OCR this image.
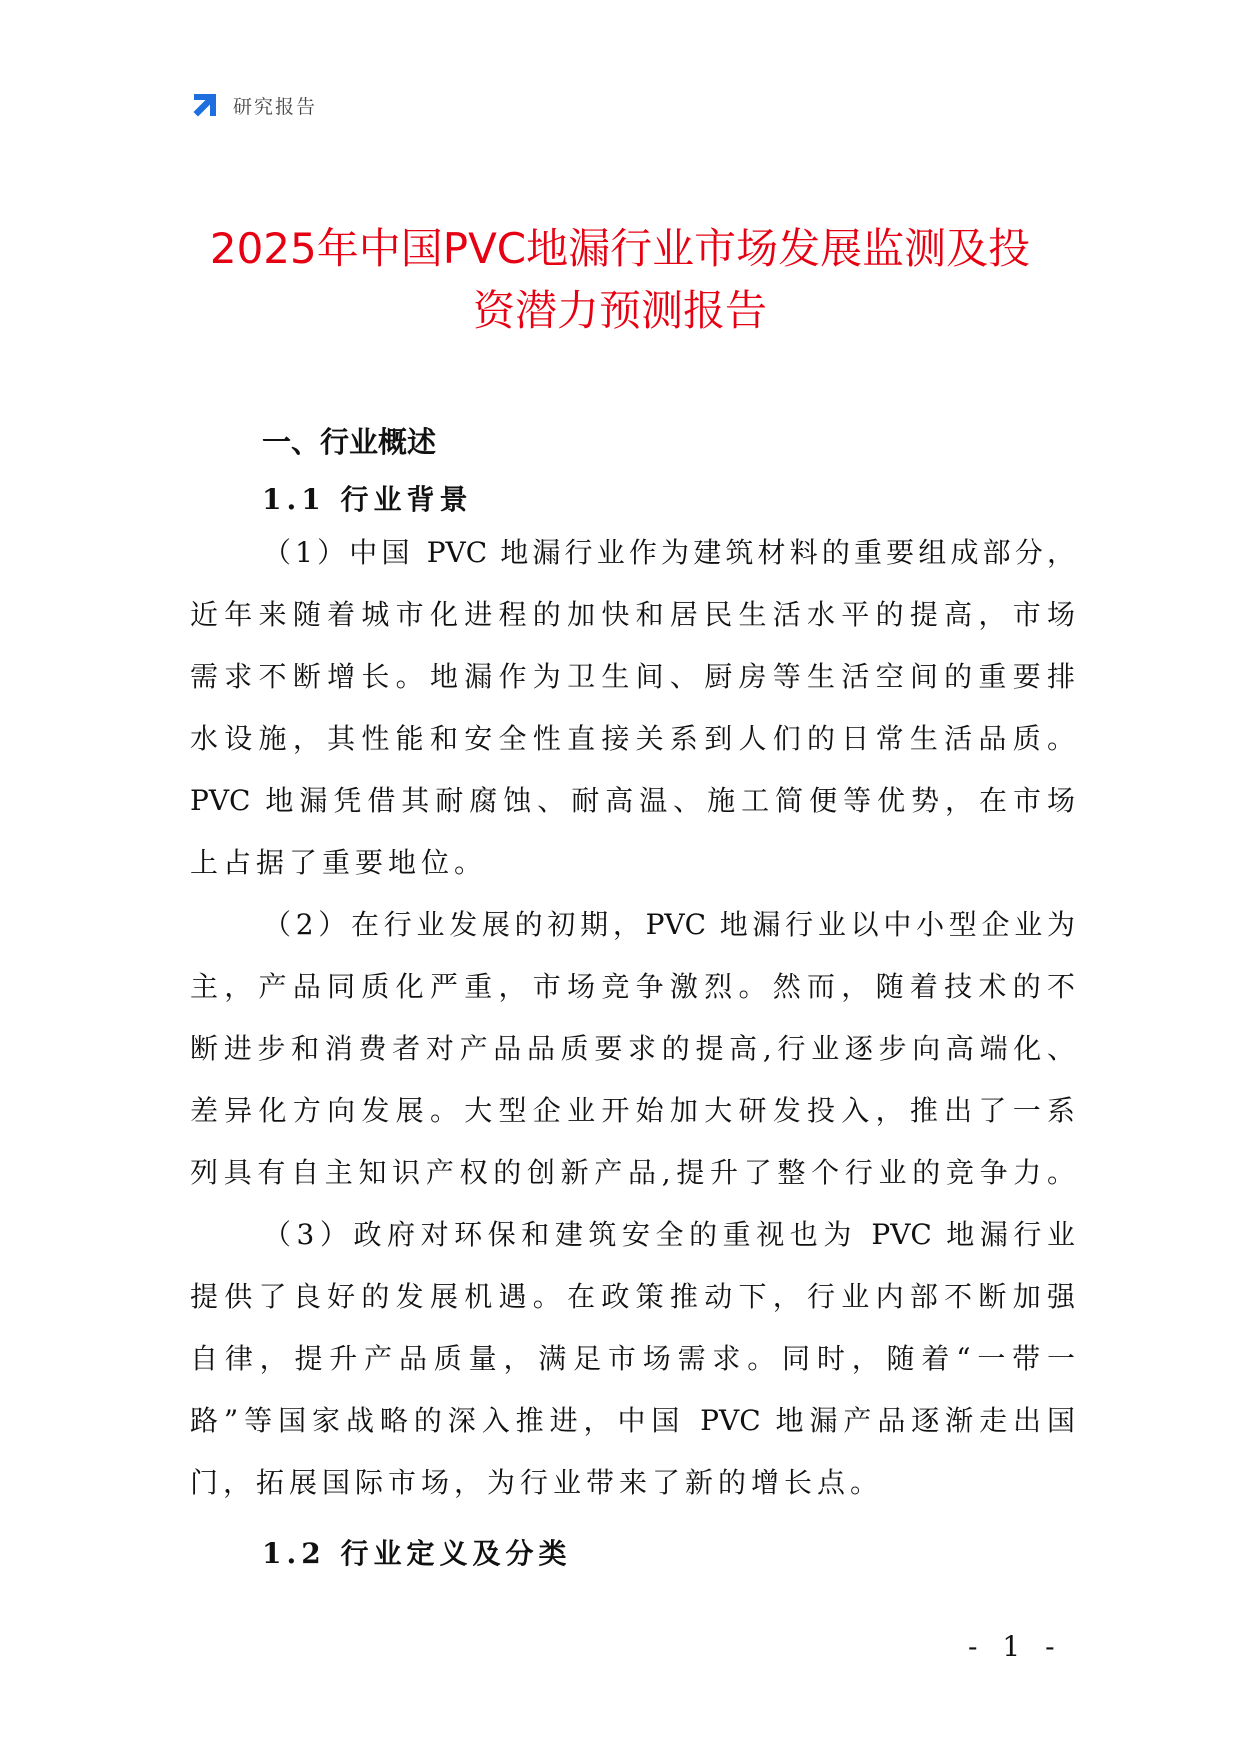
研究报告
2025年中国PVC地漏行业市场发展监测及投
资潜力预测报告
一、行业概述
1.1 行业背景

（1）中国 PVC 地漏行业作为建筑材料的重要组成部分，
近年来随着城市化进程的加快和居民生活水平的提高，市场
需求不断增长。地漏作为卫生间、厨房等生活空间的重要排
水设施，其性能和安全性直接关系到人们的日常生活品质。
PVC 地漏凭借其耐腐蚀、耐高温、施工简便等优势，在市场
上占据了重要地位。

（2）在行业发展的初期，PVC 地漏行业以中小型企业为
主，产品同质化严重，市场竞争激烈。然而，随着技术的不
断进步和消费者对产品品质要求的提高,行业逐步向高端化、
差异化方向发展。大型企业开始加大研发投入，推出了一系
列具有自主知识产权的创新产品,提升了整个行业的竞争力。

（3）政府对环保和建筑安全的重视也为 PVC 地漏行业
提供了良好的发展机遇。在政策推动下，行业内部不断加强
自律，提升产品质量，满足市场需求。同时，随着“一带一
路”等国家战略的深入推进，中国 PVC 地漏产品逐渐走出国
门，拓展国际市场，为行业带来了新的增长点。

1.2 行业定义及分类
- 1 -
